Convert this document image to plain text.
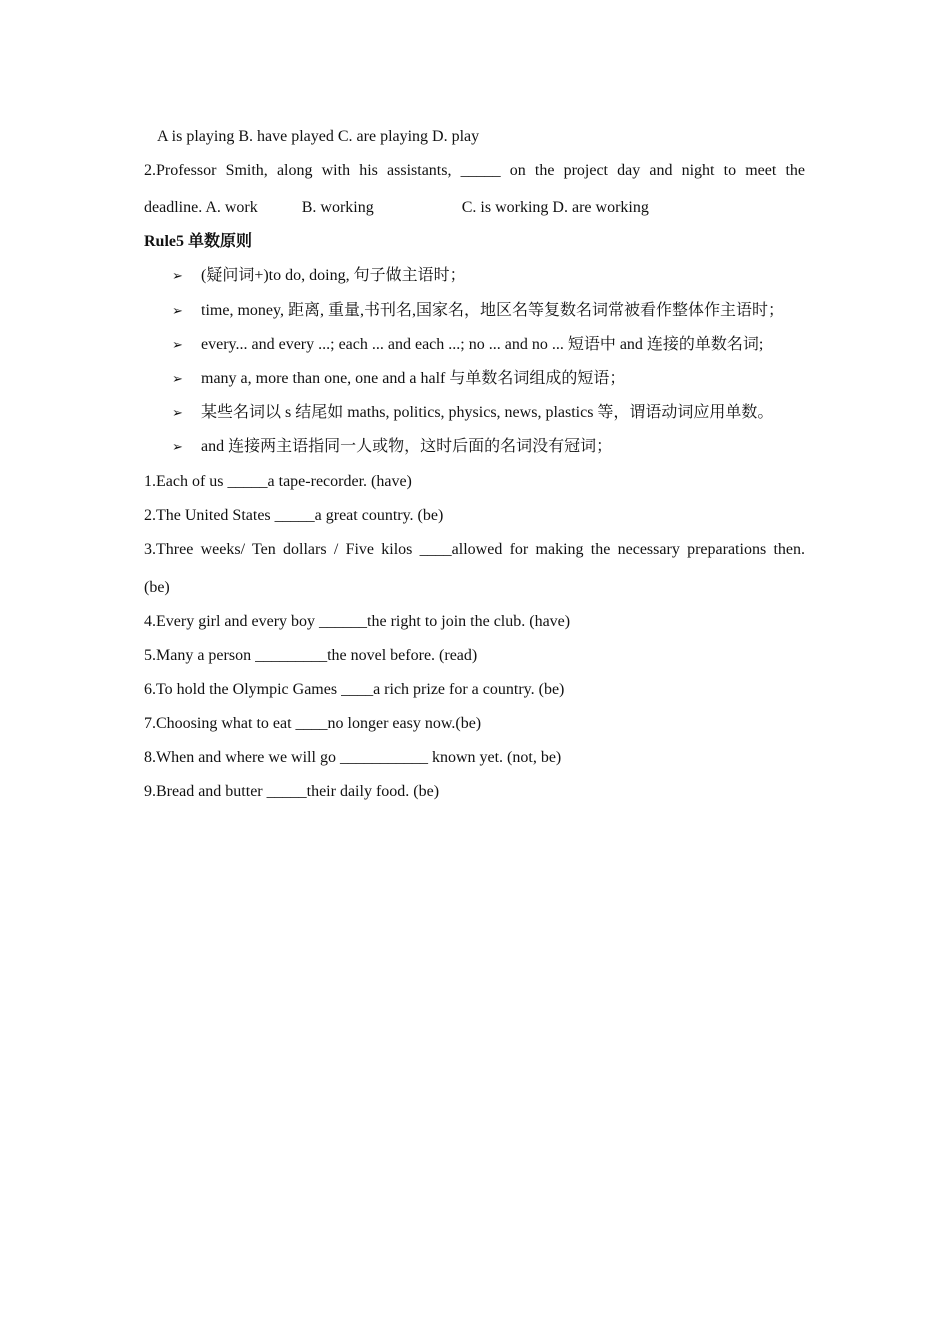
A is playing B. have played C. are playing D. play
2.Professor Smith, along with his assistants, _____ on the project day and night to meet the
deadline. A. work	B. working	C. is working D. are working
Rule5 单数原则
➢ (疑问词+)to do, doing, 句子做主语时；
➢ time, money, 距离, 重量,书刊名,国家名，地区名等复数名词常被看作整体作主语时；
➢ every... and every ...; each ... and each ...; no ... and no ... 短语中 and 连接的单数名词;
➢ many a, more than one, one and a half 与单数名词组成的短语；
➢ 某些名词以 s 结尾如 maths, politics, physics, news, plastics 等，谓语动词应用单数。
➢ and 连接两主语指同一人或物，这时后面的名词没有冠词；
1.Each of us _____a tape-recorder. (have)
2.The United States _____a great country. (be)
3.Three weeks/ Ten dollars / Five kilos ____allowed for making the necessary preparations then.
(be)
4.Every girl and every boy ______the right to join the club. (have)
5.Many a person _________the novel before. (read)
6.To hold the Olympic Games ____a rich prize for a country. (be)
7.Choosing what to eat ____no longer easy now.(be)
8.When and where we will go ___________ known yet. (not, be)
9.Bread and butter _____their daily food. (be)
